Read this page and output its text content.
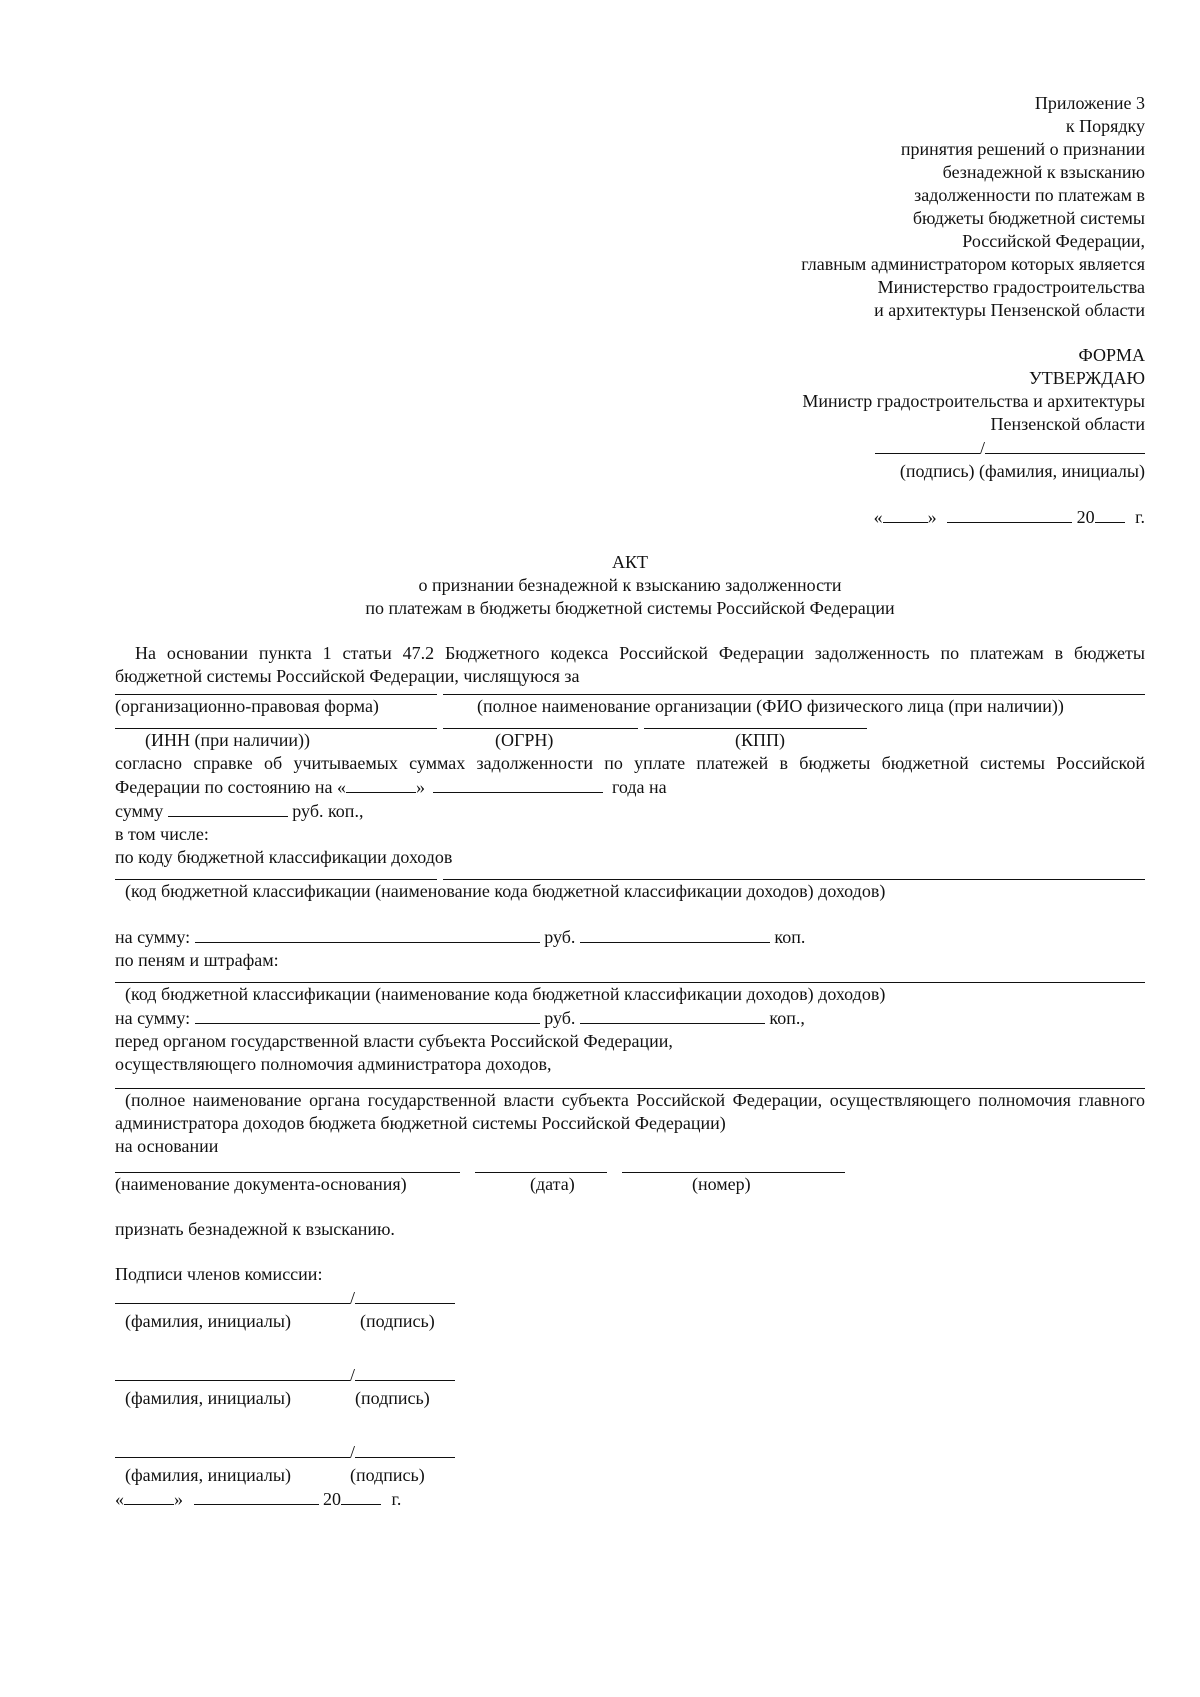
Приложение 3
к Порядку
принятия решений о признании
безнадежной к взысканию
задолженности по платежам в
бюджеты бюджетной системы
Российской Федерации,
главным администратором которых является
Министерство градостроительства
и архитектуры Пензенской области
ФОРМА
УТВЕРЖДАЮ
Министр градостроительства и архитектуры
Пензенской области
/
(подпись) (фамилия, инициалы)
«	»	20 г.
АКТ
о признании безнадежной к взысканию задолженности
по платежам в бюджеты бюджетной системы Российской Федерации
На основании пункта 1 статьи 47.2 Бюджетного кодекса Российской Федерации задолженность по платежам в бюджеты бюджетной системы Российской Федерации, числящуюся за
(организационно-правовая форма)	(полное наименование организации (ФИО физического лица (при наличии))
(ИНН (при наличии))	(ОГРН)	(КПП)
согласно справке об учитываемых суммах задолженности по уплате платежей в бюджеты бюджетной системы Российской Федерации по состоянию на «	»	года на
сумму	руб. коп.,
в том числе:
по коду бюджетной классификации доходов
(код бюджетной классификации (наименование кода бюджетной классификации доходов) доходов)
на сумму:	руб.	коп.
по пеням и штрафам:
(код бюджетной классификации (наименование кода бюджетной классификации доходов) доходов)
на сумму:	руб.	коп.,
перед органом государственной власти субъекта Российской Федерации,
осуществляющего полномочия администратора доходов,
(полное наименование органа государственной власти субъекта Российской Федерации, осуществляющего полномочия главного администратора доходов бюджета бюджетной системы Российской Федерации)
на основании
(наименование документа-основания)	(дата)	(номер)
признать безнадежной к взысканию.
Подписи членов комиссии:
/
(фамилия, инициалы)	(подпись)
/
(фамилия, инициалы)	(подпись)
/
(фамилия, инициалы)	(подпись)
«	»	20	г.
